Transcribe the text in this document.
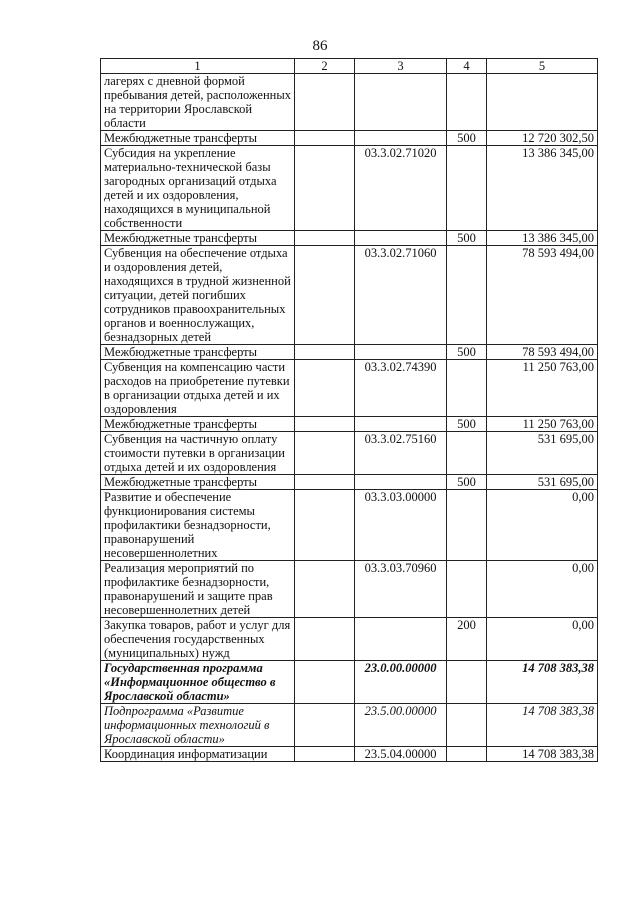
86
1	2	3	4	5
лагерях с дневной формой пребывания детей, расположенных на территории Ярославской области				
Межбюджетные трансферты			500	12 720 302,50
Субсидия на укрепление материально-технической базы загородных организаций отдыха детей и их оздоровления, находящихся в муниципальной собственности		03.3.02.71020		13 386 345,00
Межбюджетные трансферты			500	13 386 345,00
Субвенция на обеспечение отдыха и оздоровления детей, находящихся в трудной жизненной ситуации, детей погибших сотрудников правоохранительных органов и военнослужащих, безнадзорных детей		03.3.02.71060		78 593 494,00
Межбюджетные трансферты			500	78 593 494,00
Субвенция на компенсацию части расходов на приобретение путевки в организации отдыха детей и их оздоровления		03.3.02.74390		11 250 763,00
Межбюджетные трансферты			500	11 250 763,00
Субвенция на частичную оплату стоимости путевки в организации отдыха детей и их оздоровления		03.3.02.75160		531 695,00
Межбюджетные трансферты			500	531 695,00
Развитие и обеспечение функционирования системы профилактики безнадзорности, правонарушений несовершеннолетних		03.3.03.00000		0,00
Реализация мероприятий по профилактике безнадзорности, правонарушений и защите прав несовершеннолетних детей		03.3.03.70960		0,00
Закупка товаров, работ и услуг для обеспечения государственных (муниципальных) нужд			200	0,00
Государственная программа «Информационное общество в Ярославской области»		23.0.00.00000		14 708 383,38
Подпрограмма «Развитие информационных технологий в Ярославской области»		23.5.00.00000		14 708 383,38
Координация информатизации		23.5.04.00000		14 708 383,38
